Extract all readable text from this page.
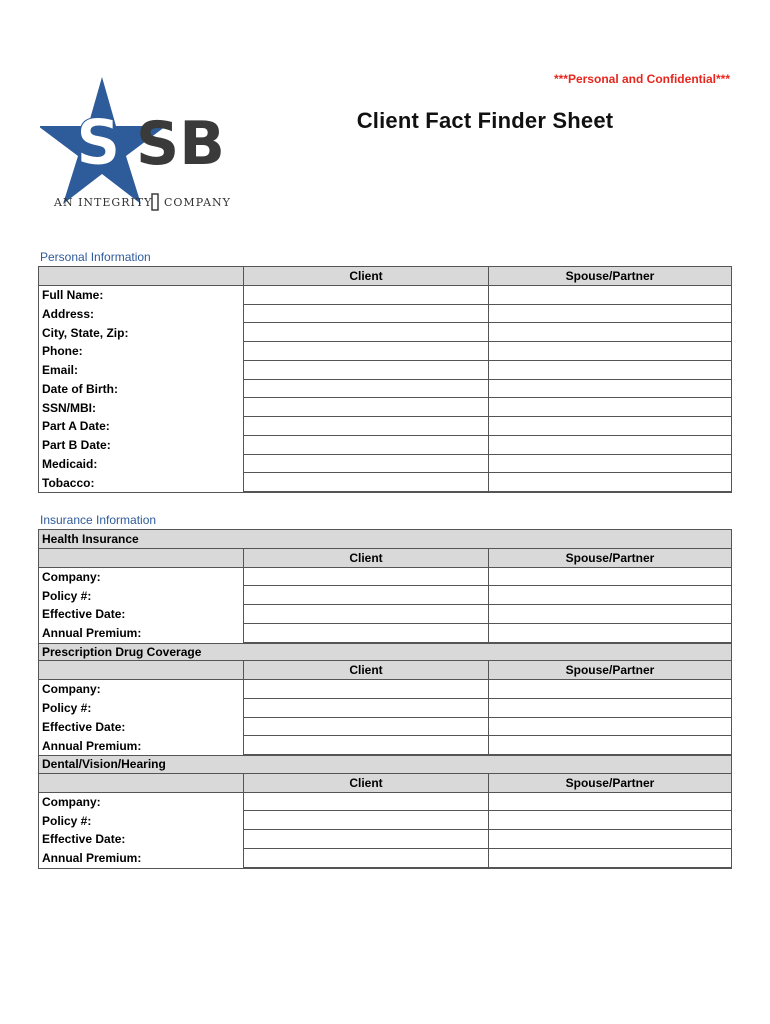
***Personal and Confidential***
S SB
AN INTEGRITY COMPANY
Client Fact Finder Sheet
Personal Information
Client	Spouse/Partner
Full Name:
Address:
City, State, Zip:
Phone:
Email:
Date of Birth:
SSN/MBI:
Part A Date:
Part B Date:
Medicaid:
Tobacco:
Insurance Information
Health Insurance
Client	Spouse/Partner
Company:
Policy #:
Effective Date:
Annual Premium:
Prescription Drug Coverage
Client	Spouse/Partner
Company:
Policy #:
Effective Date:
Annual Premium:
Dental/Vision/Hearing
Client	Spouse/Partner
Company:
Policy #:
Effective Date:
Annual Premium:
